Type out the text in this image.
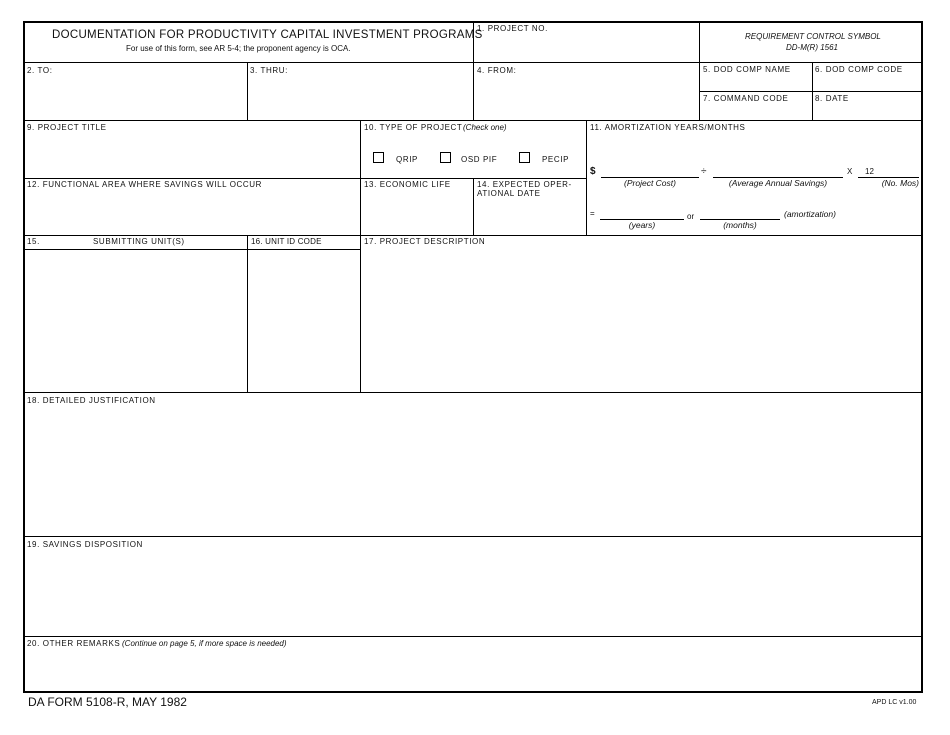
DOCUMENTATION FOR PRODUCTIVITY CAPITAL INVESTMENT PROGRAMS
For use of this form, see AR 5-4; the proponent agency is OCA.
1. PROJECT NO.
REQUIREMENT CONTROL SYMBOL
DD-M(R) 1561
2. TO:	3. THRU:	4. FROM:	5. DOD COMP NAME	6. DOD COMP CODE
7. COMMAND CODE	8. DATE
9. PROJECT TITLE	10. TYPE OF PROJECT (Check one)
QRIP	OSD PIF	PECIP
11. AMORTIZATION YEARS/MONTHS
12. FUNCTIONAL AREA WHERE SAVINGS WILL OCCUR	13. ECONOMIC LIFE	14. EXPECTED OPER-
ATIONAL DATE
$
(Project Cost)
÷
(Average Annual Savings)
X 12
(No. Mos)
=
(years)
or
(months)
(amortization)
15.	SUBMITTING UNIT(S)	16. UNIT ID CODE	17. PROJECT DESCRIPTION
18. DETAILED JUSTIFICATION
19. SAVINGS DISPOSITION
20. OTHER REMARKS (Continue on page 5, if more space is needed)
DA FORM 5108-R, MAY 1982	APD LC v1.00
